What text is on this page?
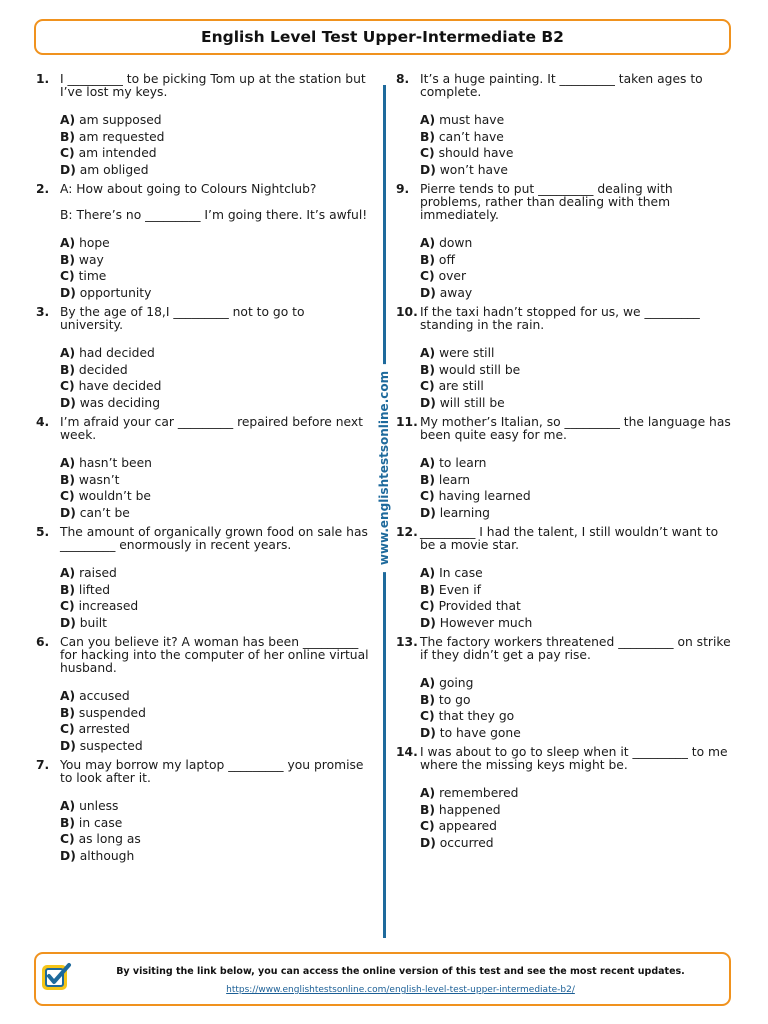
English Level Test Upper-Intermediate B2
1. I _________ to be picking Tom up at the station but I’ve lost my keys.

A) am supposed
B) am requested
C) am intended
D) am obliged
2. A: How about going to Colours Nightclub?

B: There’s no _________ I’m going there. It’s awful!

A) hope
B) way
C) time
D) opportunity
3. By the age of 18,I _________ not to go to university.

A) had decided
B) decided
C) have decided
D) was deciding
4. I’m afraid your car _________ repaired before next week.

A) hasn’t been
B) wasn’t
C) wouldn’t be
D) can’t be
5. The amount of organically grown food on sale has _________ enormously in recent years.

A) raised
B) lifted
C) increased
D) built
6. Can you believe it? A woman has been _________ for hacking into the computer of her online virtual husband.

A) accused
B) suspended
C) arrested
D) suspected
7. You may borrow my laptop _________ you promise to look after it.

A) unless
B) in case
C) as long as
D) although
www.englishtestsonline.com
8. It’s a huge painting. It _________ taken ages to complete.

A) must have
B) can’t have
C) should have
D) won’t have
9. Pierre tends to put _________ dealing with problems, rather than dealing with them immediately.

A) down
B) off
C) over
D) away
10. If the taxi hadn’t stopped for us, we _________ standing in the rain.

A) were still
B) would still be
C) are still
D) will still be
11. My mother’s Italian, so _________ the language has been quite easy for me.

A) to learn
B) learn
C) having learned
D) learning
12. _________ I had the talent, I still wouldn’t want to be a movie star.

A) In case
B) Even if
C) Provided that
D) However much
13. The factory workers threatened _________ on strike if they didn’t get a pay rise.

A) going
B) to go
C) that they go
D) to have gone
14. I was about to go to sleep when it _________ to me where the missing keys might be.

A) remembered
B) happened
C) appeared
D) occurred

By visiting the link below, you can access the online version of this test and see the most recent updates.

https://www.englishtestsonline.com/english-level-test-upper-intermediate-b2/
